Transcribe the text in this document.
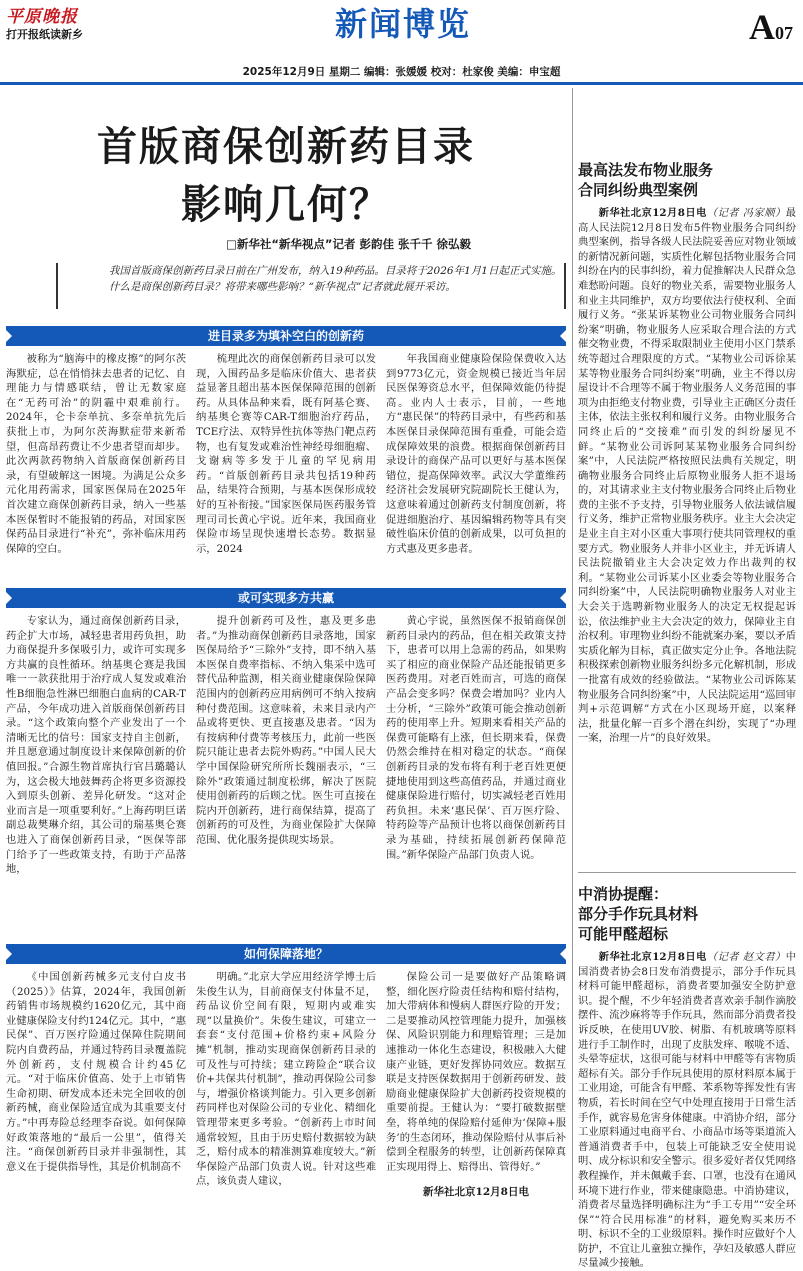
平原晚报
打开报纸读新乡	新闻博览	A07
2025年12月9日 星期二 编辑：张媛媛 校对：杜家俊 美编：申宝超
首版商保创新药目录
影响几何？
□新华社“新华视点”记者 彭韵佳 张千千 徐弘毅
我国首版商保创新药目录日前在广州发布，纳入19种药品。目录将于2026年1月1日起正式实施。
什么是商保创新药目录？将带来哪些影响？“新华视点”记者就此展开采访。
进目录多为填补空白的创新药

被称为“脑海中的橡皮擦”的阿尔茨海默症，总在悄悄抹去患者的记忆、自理能力与情感联结，曾让无数家庭在“无药可治”的阴霾中艰难前行。2024年，仑卡奈单抗、多奈单抗先后获批上市，为阿尔茨海默症带来新希望，但高昂药费让不少患者望而却步。此次两款药物纳入首版商保创新药目录，有望破解这一困境。为满足公众多元化用药需求，国家医保局在2025年首次建立商保创新药目录，纳入一些基本医保暂时不能报销的药品，对国家医保药品目录进行“补充”，弥补临床用药保障的空白。

梳理此次的商保创新药目录可以发现，入围药品多是临床价值大、患者获益显著且超出基本医保保障范围的创新药。从具体品种来看，既有阿基仑赛、纳基奥仑赛等CAR-T细胞治疗药品，TCE疗法、双特异性抗体等热门靶点药物，也有复发或难治性神经母细胞瘤、戈谢病等多发于儿童的罕见病用药。“首版创新药目录共包括19种药品，结果符合预期，与基本医保形成较好的互补衔接。”国家医保局医药服务管理司司长黄心宇说。近年来，我国商业保险市场呈现快速增长态势。数据显示，2024

年我国商业健康险保险保费收入达到9773亿元，资金规模已接近当年居民医保筹资总水平，但保障效能仍待提高。业内人士表示，目前，一些地方“惠民保”的特药目录中，有些药和基本医保目录保障范围有重叠，可能会造成保障效果的浪费。根据商保创新药目录设计的商保产品可以更好与基本医保错位，提高保障效率。武汉大学董维药经济社会发展研究院副院长王健认为，这意味着通过创新药支付制度创新，将促进细胞治疗、基因编辑药物等具有突破性临床价值的创新成果，以可负担的方式惠及更多患者。

或可实现多方共赢

专家认为，通过商保创新药目录，药企扩大市场，减轻患者用药负担，助力商保提升多保吸引力，或许可实现多方共赢的良性循环。纳基奥仑赛是我国唯一一款获批用于治疗成人复发或难治性B细胞急性淋巴细胞白血病的CAR-T产品，今年成功进入首版商保创新药目录。“这个政策向整个产业发出了一个清晰无比的信号：国家支持自主创新，并且愿意通过制度设计来保障创新的价值回报。”合源生物首席执行官吕璐璐认为，这会极大地鼓舞药企将更多资源投入到原头创新、差异化研发。“这对企业而言是一项重要利好。”上海药明巨诺副总裁樊琳介绍，其公司的瑞基奥仑赛也进入了商保创新药目录，“医保等部门给予了一些政策支持，有助于产品落地，

提升创新药可及性，惠及更多患者。”为推动商保创新药目录落地，国家医保局给予“三除外”支持，即不纳入基本医保自费率指标、不纳入集采中选可替代品种监测，相关商业健康保险保障范围内的创新药应用病例可不纳入按病种付费范围。这意味着，未来目录内产品或将更快、更直接惠及患者。“因为有按病种付费等考核压力，此前一些医院只能让患者去院外购药。”中国人民大学中国保险研究所所长魏丽表示，“三除外”政策通过制度松绑，解决了医院使用创新药的后顾之忧。医生可直接在院内开创新药，进行商保结算，提高了创新药的可及性，为商业保险扩大保障范围、优化服务提供现实场景。

黄心宇说，虽然医保不报销商保创新药目录内的药品，但在相关政策支持下，患者可以用上急需的药品，如果购买了相应的商业保险产品还能报销更多医药费用。对老百姓而言，可选的商保产品会变多吗？保费会增加吗？业内人士分析，“三除外”政策可能会推动创新药的使用率上升。短期来看相关产品的保费可能略有上涨，但长期来看，保费仍然会维持在相对稳定的状态。“商保创新药目录的发布将有利于老百姓更便捷地使用到这些高值药品，并通过商业健康保险进行赔付，切实减轻老百姓用药负担。未来‘惠民保’、百万医疗险、特药险等产品预计也将以商保创新药目录为基础，持续拓展创新药保障范围。”新华保险产品部门负责人说。

如何保障落地？

《中国创新药械多元支付白皮书（2025）》估算，2024年，我国创新药销售市场规模约1620亿元，其中商业健康保险支付约124亿元。其中，“惠民保”、百万医疗险通过保障住院期间院内自费药品，并通过特药目录覆盖院外创新药，支付规模合计约45亿元。“对于临床价值高、处于上市销售生命初期、研发成本还未完全回收的创新药械，商业保险适宜成为其重要支付方。”中再寿险总经理李奋说。如何保障好政策落地的“最后一公里”，值得关注。“商保创新药目录并非强制性，其意义在于提供指导性，其是价机制高不

明确。”北京大学应用经济学博士后朱俊生认为，目前商保支付体量不足，药品议价空间有限，短期内或难实现“以量换价”。朱俊生建议，可建立一套套“支付范围+价格约束+风险分摊”机制，推动实现商保创新药目录的可及性与可持续；建立跨险企“联合议价+共保共付机制”，推动再保险公司参与，增强价格谈判能力。引入更多创新药同样也对保险公司的专业化、精细化管理带来更多考验。“创新药上市时间通常较短，且由于历史赔付数据较为缺乏，赔付成本的精准测算难度较大。”新华保险产品部门负责人说。针对这些难点，该负责人建议，

保险公司一是要做好产品策略调整，细化医疗险责任结构和赔付结构，加大带病体和慢病人群医疗险的开发；二是要推动风控管理能力提升，加强核保、风险识别能力和理赔管理；三是加速推动一体化生态建设，积极融入大健康产业链，更好发挥协同效应。数据互联是支持医保数据用于创新药研发、鼓励商业健康保险扩大创新药投资规模的重要前提。王健认为：“要打破数据壁垒，将单纯的保险赔付延伸为‘保障+服务’的生态闭环，推动保险赔付从事后补偿到全程服务的转型，让创新药保障真正实现用得上、赔得出、管得好。”

新华社北京12月8日电
最高法发布物业服务
合同纠纷典型案例

新华社北京12月8日电（记者 冯家顺）最高人民法院12月8日发布5件物业服务合同纠纷典型案例，指导各级人民法院妥善应对物业领域的新情况新问题，实质性化解包括物业服务合同纠纷在内的民事纠纷，着力促推解决人民群众急难愁盼问题。良好的物业关系，需要物业服务人和业主共同维护，双方均要依法行使权利、全面履行义务。“张某诉某物业公司物业服务合同纠纷案”明确，物业服务人应采取合理合法的方式催交物业费，不得采取限制业主使用小区门禁系统等超过合理限度的方式。“某物业公司诉徐某某等物业服务合同纠纷案”明确，业主不得以房屋设计不合理等不属于物业服务人义务范围的事项为由拒绝支付物业费，引导业主正确区分责任主体，依法主张权利和履行义务。由物业服务合同终止后的“交接难”而引发的纠纷屡见不鲜。“某物业公司诉阿某某物业服务合同纠纷案”中，人民法院严格按照民法典有关规定，明确物业服务合同终止后原物业服务人拒不退场的，对其请求业主支付物业服务合同终止后物业费的主张不予支持，引导物业服务人依法诚信履行义务，维护正常物业服务秩序。业主大会决定是业主自主对小区重大事项行使共同管理权的重要方式。物业服务人并非小区业主，并无诉请人民法院撤销业主大会决定效力作出裁判的权利。“某物业公司诉某小区业委会等物业服务合同纠纷案”中，人民法院明确物业服务人对业主大会关于选聘新物业服务人的决定无权提起诉讼，依法维护业主大会决定的效力，保障业主自治权利。审理物业纠纷不能就案办案，要以矛盾实质化解为目标，真正做实定分止争。各地法院积极探索创新物业服务纠纷多元化解机制，形成一批富有成效的经验做法。“某物业公司诉陈某物业服务合同纠纷案”中，人民法院运用“巡回审判+示范调解”方式在小区现场开庭，以案释法，批量化解一百多个潜在纠纷，实现了“办理一案，治理一片”的良好效果。

中消协提醒：
部分手作玩具材料
可能甲醛超标

新华社北京12月8日电（记者 赵文君）中国消费者协会8日发布消费提示，部分手作玩具材料可能甲醛超标，消费者要加强安全防护意识。提个醒，不少年轻消费者喜欢亲手制作滴胶摆件、流沙麻将等手作玩具，然而部分消费者投诉反映，在使用UV胶、树脂、有机玻璃等原料进行手工制作时，出现了皮肤发痒、喉咙不适、头晕等症状，这很可能与材料中甲醛等有害物质超标有关。部分手作玩具使用的原材料原本属于工业用途，可能含有甲醛、苯系物等挥发性有害物质，若长时间在空气中处理直接用于日常生活手作，就容易危害身体健康。中消协介绍，部分工业原料通过电商平台、小商品市场等渠道流入普通消费者手中，包装上可能缺乏安全使用说明、成分标识和安全警示。很多爱好者仅凭网络教程操作，并未佩戴手套、口罩，也没有在通风环境下进行作业，带来健康隐患。中消协建议，消费者尽量选择明确标注为“手工专用”“安全环保”“符合民用标准”的材料，避免购买来历不明、标识不全的工业级原料。操作时应做好个人防护，不宜让儿童独立操作，孕妇及敏感人群应尽量减少接触。
